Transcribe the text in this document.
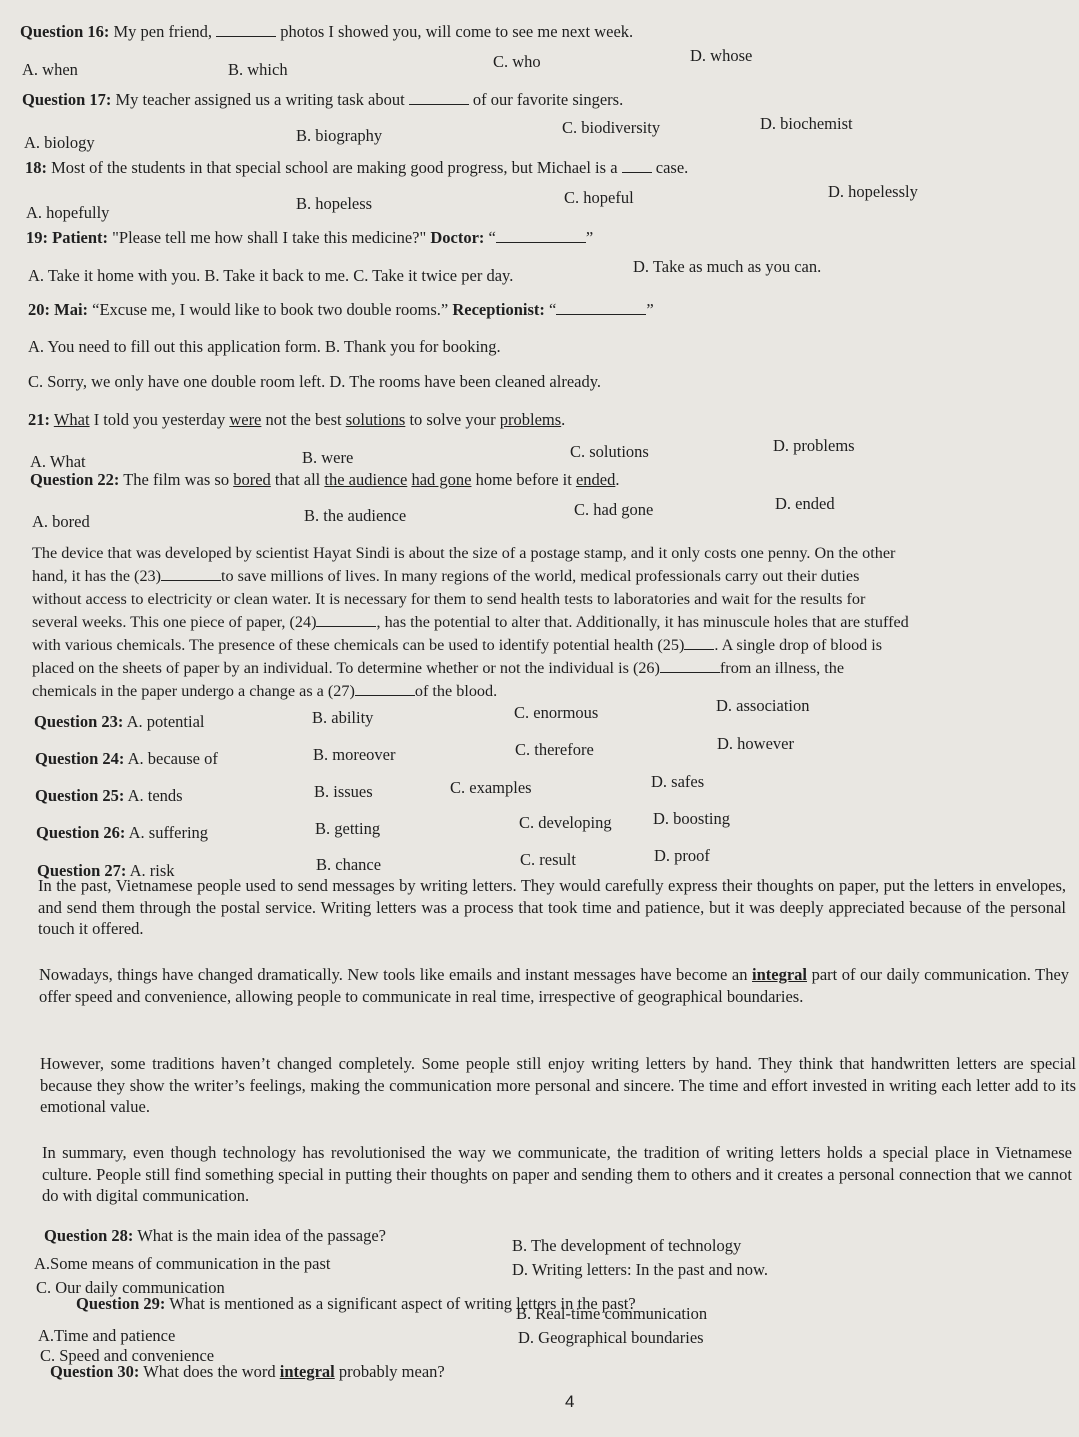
Question 16: My pen friend,	photos I showed you, will come to see me next week.
A. when	B. which	C. who	D. whose
Question 17: My teacher assigned us a writing task about	of our favorite singers.
A. biology	B. biography	C. biodiversity	D. biochemist
18: Most of the students in that special school are making good progress, but Michael is a case.
A. hopefully	B. hopeless	C. hopeful	D. hopelessly
19: Patient: "Please tell me how shall I take this medicine?" Doctor: “	”
A. Take it home with you. B. Take it back to me. C. Take it twice per day.	D. Take as much as you can.
20: Mai: “Excuse me, I would like to book two double rooms.” Receptionist: “	”
A. You need to fill out this application form. B. Thank you for booking.
C. Sorry, we only have one double room left. D. The rooms have been cleaned already.
21: What I told you yesterday were not the best solutions to solve your problems.
A. What	B. were	C. solutions	D. problems
Question 22: The film was so bored that all the audience had gone home before it ended.
A. bored	B. the audience	C. had gone	D. ended
The device that was developed by scientist Hayat Sindi is about the size of a postage stamp, and it only costs one penny. On the other
hand, it has the (23)	to save millions of lives. In many regions of the world, medical professionals carry out their duties
without access to electricity or clean water. It is necessary for them to send health tests to laboratories and wait for the results for
several weeks. This one piece of paper, (24)	, has the potential to alter that. Additionally, it has minuscule holes that are stuffed
with various chemicals. The presence of these chemicals can be used to identify potential health (25) . A single drop of blood is
placed on the sheets of paper by an individual. To determine whether or not the individual is (26)	from an illness, the
chemicals in the paper undergo a change as a (27)	of the blood.
Question 23: A. potential	B. ability	C. enormous	D. association
Question 24: A. because of	B. moreover	C. therefore	D. however
Question 25: A. tends	B. issues	C. examples	D. safes
Question 26: A. suffering	B. getting	C. developing	D. boosting
Question 27: A. risk	B. chance	C. result	D. proof
In the past, Vietnamese people used to send messages by writing letters. They would carefully express their thoughts on paper, put the letters in envelopes, and send them through the postal service. Writing letters was a process that took time and patience, but it was deeply appreciated because of the personal touch it offered.
Nowadays, things have changed dramatically. New tools like emails and instant messages have become an integral part of our daily communication. They offer speed and convenience, allowing people to communicate in real time, irrespective of geographical boundaries.
However, some traditions haven’t changed completely. Some people still enjoy writing letters by hand. They think that handwritten letters are special because they show the writer’s feelings, making the communication more personal and sincere. The time and effort invested in writing each letter add to its emotional value.
In summary, even though technology has revolutionised the way we communicate, the tradition of writing letters holds a special place in Vietnamese culture. People still find something special in putting their thoughts on paper and sending them to others and it creates a personal connection that we cannot do with digital communication.
Question 28: What is the main idea of the passage?
A.Some means of communication in the past
B. The development of technology
C. Our daily communication
D. Writing letters: In the past and now.
Question 29: What is mentioned as a significant aspect of writing letters in the past?
A.Time and patience
B. Real-time communication
C. Speed and convenience
D. Geographical boundaries
Question 30: What does the word integral probably mean?
4
